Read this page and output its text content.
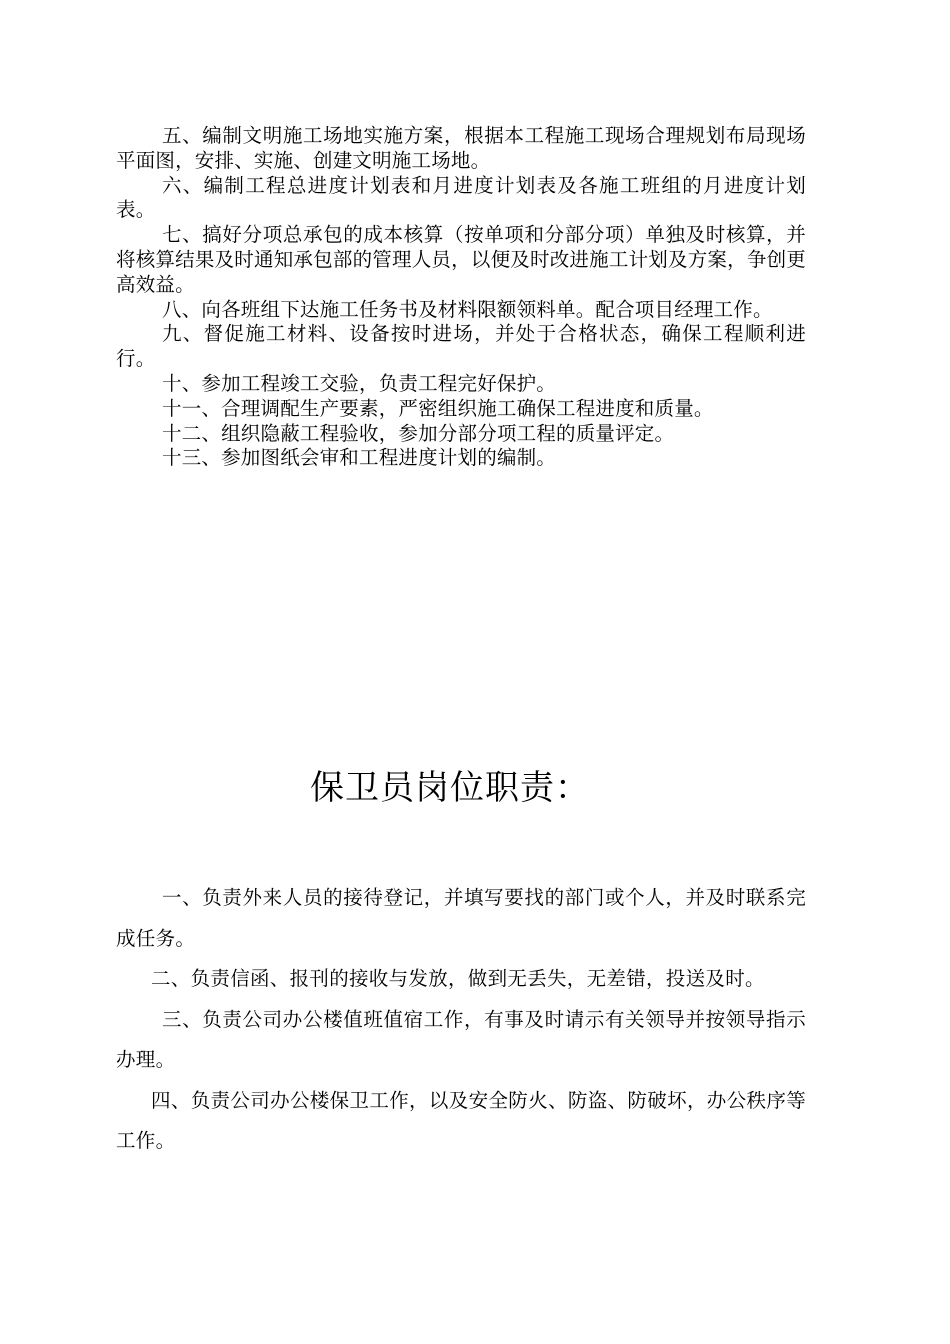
五、编制文明施工场地实施方案，根据本工程施工现场合理规划布局现场平面图，安排、实施、创建文明施工场地。

六、编制工程总进度计划表和月进度计划表及各施工班组的月进度计划表。

七、搞好分项总承包的成本核算（按单项和分部分项）单独及时核算，并将核算结果及时通知承包部的管理人员，以便及时改进施工计划及方案，争创更高效益。

八、向各班组下达施工任务书及材料限额领料单。配合项目经理工作。

九、督促施工材料、设备按时进场，并处于合格状态，确保工程顺利进行。

十、参加工程竣工交验，负责工程完好保护。

十一、合理调配生产要素，严密组织施工确保工程进度和质量。

十二、组织隐蔽工程验收，参加分部分项工程的质量评定。

十三、参加图纸会审和工程进度计划的编制。

保卫员岗位职责：

一、负责外来人员的接待登记，并填写要找的部门或个人，并及时联系完成任务。

二、负责信函、报刊的接收与发放，做到无丢失，无差错，投送及时。

三、负责公司办公楼值班值宿工作，有事及时请示有关领导并按领导指示办理。

四、负责公司办公楼保卫工作，以及安全防火、防盗、防破坏，办公秩序等工作。
